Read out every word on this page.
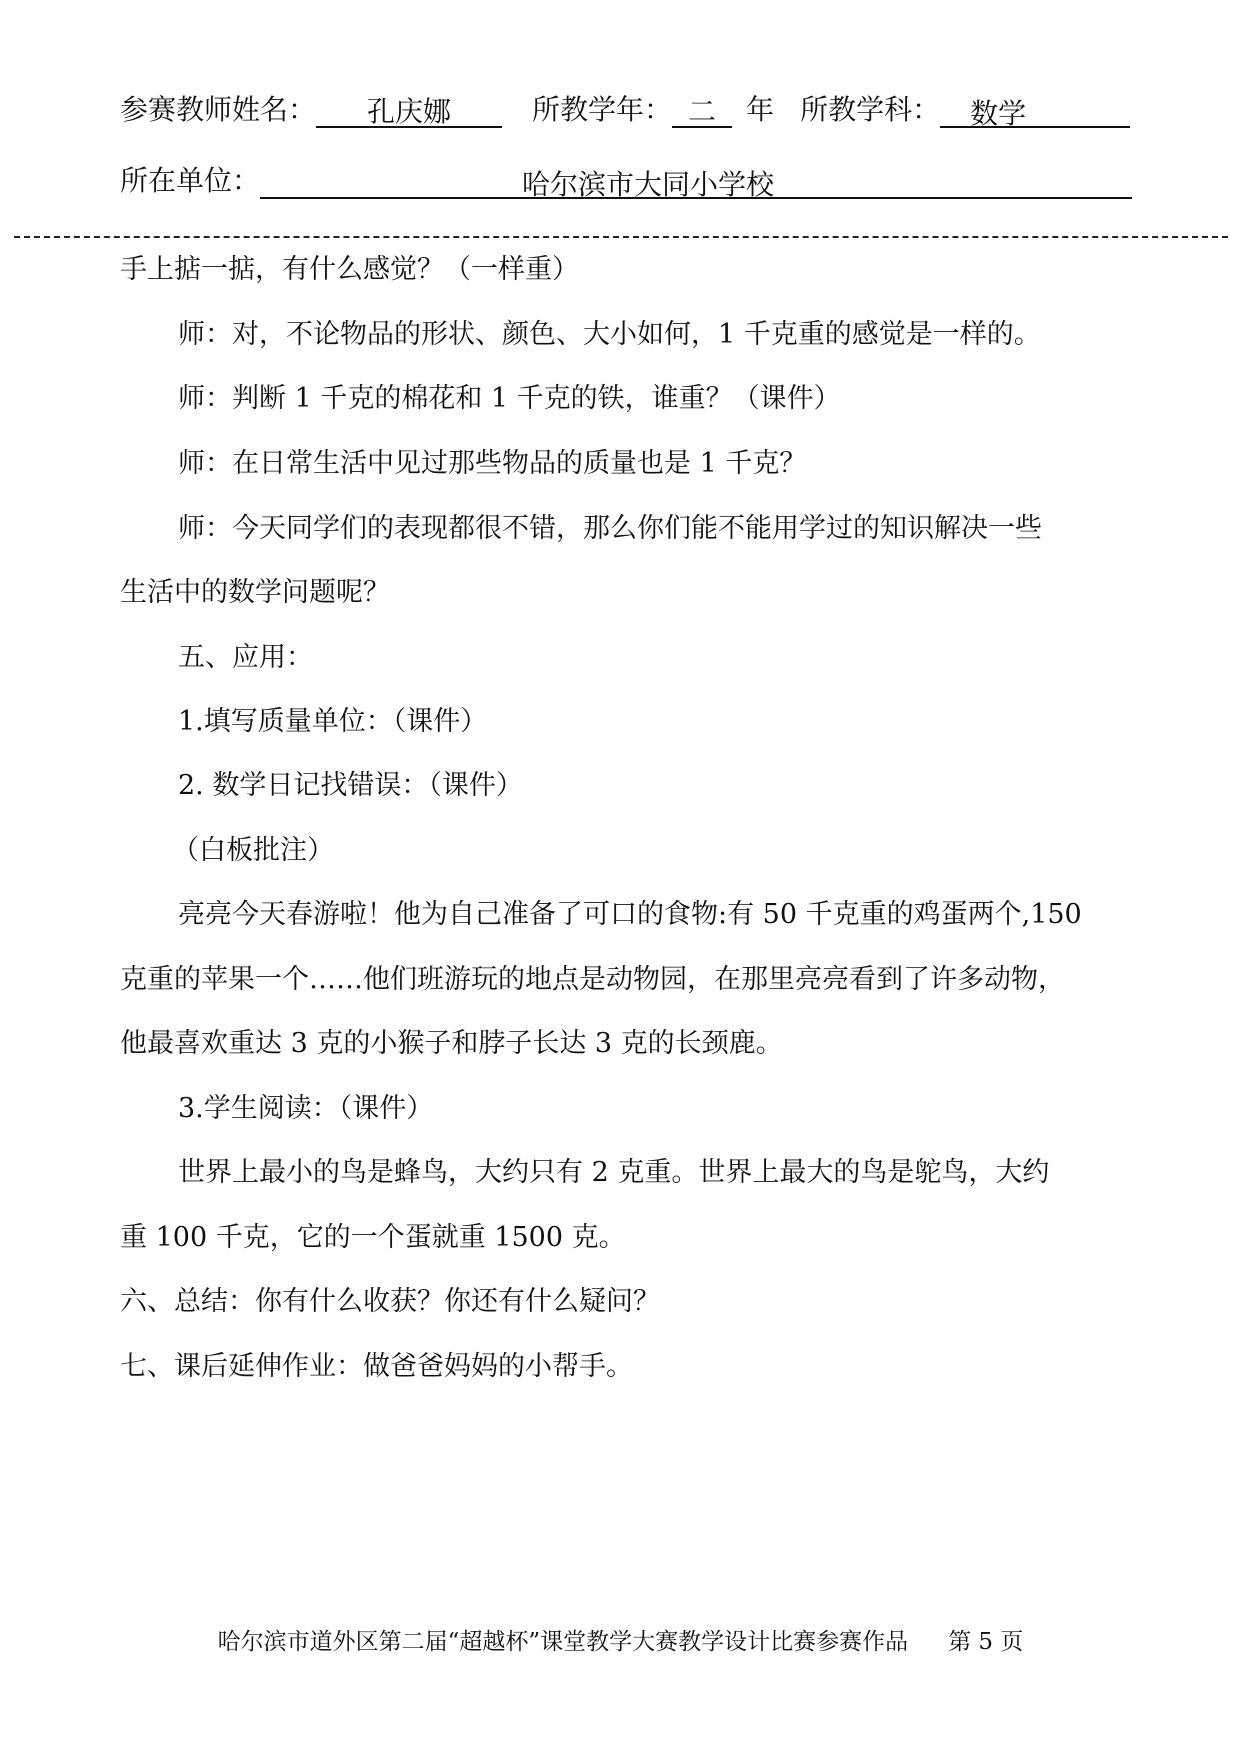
参赛教师姓名： 孔庆娜	所教学年： 二 年 所教学科： 数学
所在单位：	哈尔滨市大同小学校
手上掂一掂，有什么感觉？（一样重）
师：对，不论物品的形状、颜色、大小如何，1 千克重的感觉是一样的。
师：判断 1 千克的棉花和 1 千克的铁，谁重？（课件）
师：在日常生活中见过那些物品的质量也是 1 千克？
师：今天同学们的表现都很不错，那么你们能不能用学过的知识解决一些
生活中的数学问题呢？
五、应用：
1.填写质量单位：（课件）
2. 数学日记找错误：（课件）
（白板批注）
亮亮今天春游啦！他为自己准备了可口的食物:有 50 千克重的鸡蛋两个,150
克重的苹果一个……他们班游玩的地点是动物园，在那里亮亮看到了许多动物，
他最喜欢重达 3 克的小猴子和脖子长达 3 克的长颈鹿。
3.学生阅读：（课件）
世界上最小的鸟是蜂鸟，大约只有 2 克重。世界上最大的鸟是鸵鸟，大约
重 100 千克，它的一个蛋就重 1500 克。
六、总结：你有什么收获？你还有什么疑问？
七、课后延伸作业：做爸爸妈妈的小帮手。
哈尔滨市道外区第二届“超越杯”课堂教学大赛教学设计比赛参赛作品 第 5 页
